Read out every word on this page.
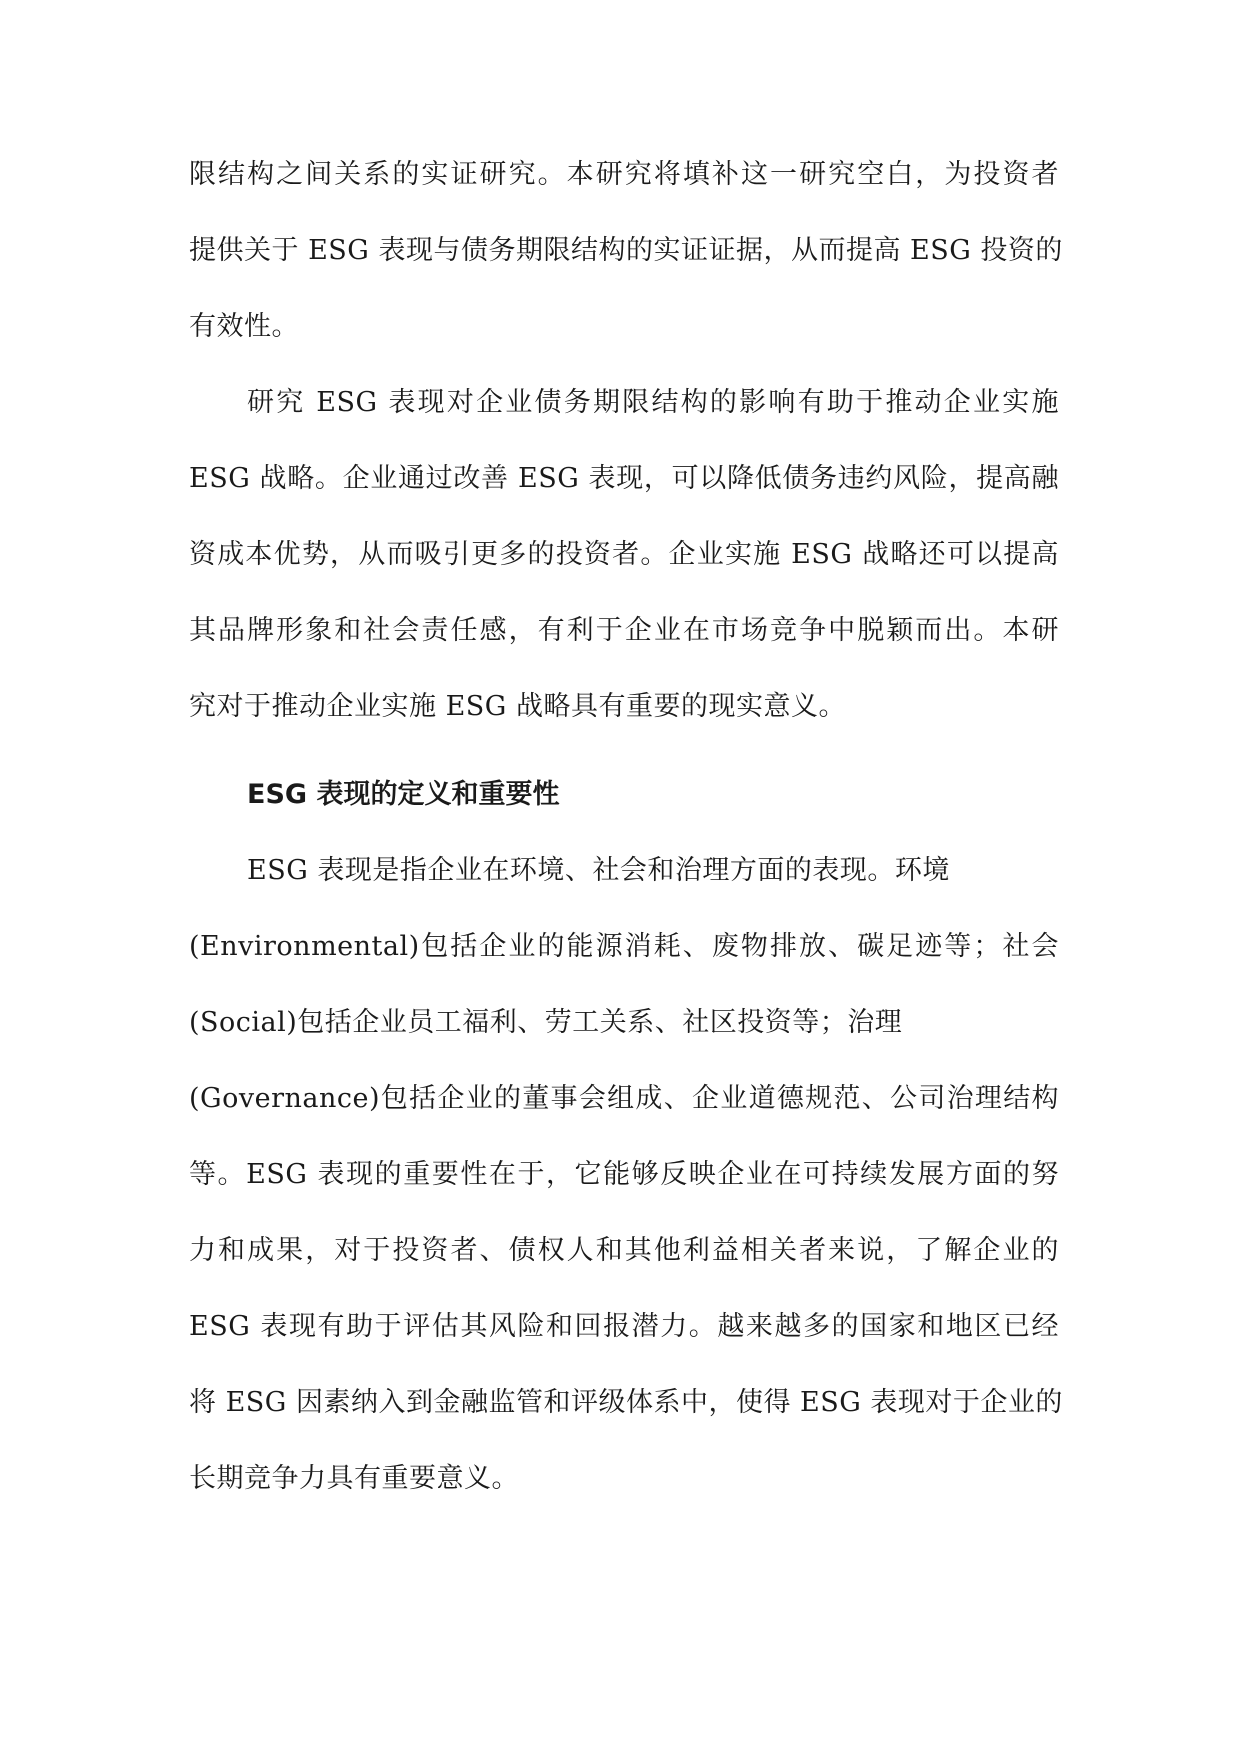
限结构之间关系的实证研究。本研究将填补这一研究空白，为投资者
提供关于 ESG 表现与债务期限结构的实证证据，从而提高 ESG 投资的
有效性。
研究 ESG 表现对企业债务期限结构的影响有助于推动企业实施
ESG 战略。企业通过改善 ESG 表现，可以降低债务违约风险，提高融
资成本优势，从而吸引更多的投资者。企业实施 ESG 战略还可以提高
其品牌形象和社会责任感，有利于企业在市场竞争中脱颖而出。本研
究对于推动企业实施 ESG 战略具有重要的现实意义。
ESG 表现的定义和重要性
ESG 表现是指企业在环境、社会和治理方面的表现。环境
(Environmental)包括企业的能源消耗、废物排放、碳足迹等；社会
(Social)包括企业员工福利、劳工关系、社区投资等；治理
(Governance)包括企业的董事会组成、企业道德规范、公司治理结构
等。ESG 表现的重要性在于，它能够反映企业在可持续发展方面的努
力和成果，对于投资者、债权人和其他利益相关者来说，了解企业的
ESG 表现有助于评估其风险和回报潜力。越来越多的国家和地区已经
将 ESG 因素纳入到金融监管和评级体系中，使得 ESG 表现对于企业的
长期竞争力具有重要意义。
